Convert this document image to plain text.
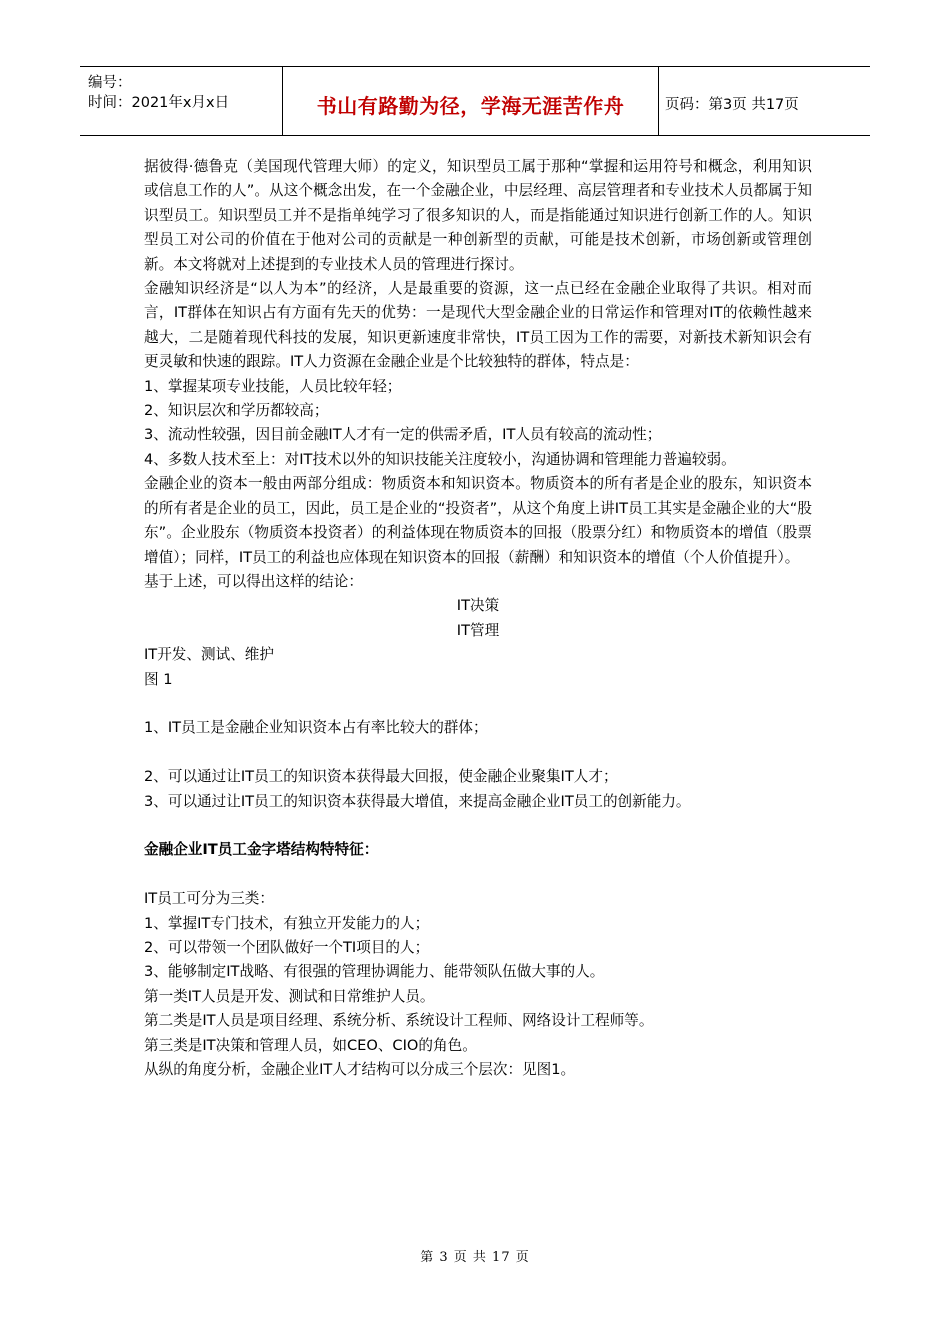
编号：
时间：2021年x月x日	书山有路勤为径，学海无涯苦作舟	页码：第3页 共17页

据彼得·德鲁克（美国现代管理大师）的定义，知识型员工属于那种“掌握和运用符号和概念，利用知识或信息工作的人”。从这个概念出发，在一个金融企业，中层经理、高层管理者和专业技术人员都属于知识型员工。知识型员工并不是指单纯学习了很多知识的人，而是指能通过知识进行创新工作的人。知识型员工对公司的价值在于他对公司的贡献是一种创新型的贡献，可能是技术创新，市场创新或管理创新。本文将就对上述提到的专业技术人员的管理进行探讨。

金融知识经济是“以人为本”的经济，人是最重要的资源，这一点已经在金融企业取得了共识。相对而言，IT群体在知识占有方面有先天的优势：一是现代大型金融企业的日常运作和管理对IT的依赖性越来越大，二是随着现代科技的发展，知识更新速度非常快，IT员工因为工作的需要，对新技术新知识会有更灵敏和快速的跟踪。IT人力资源在金融企业是个比较独特的群体，特点是：

1、掌握某项专业技能，人员比较年轻；

2、知识层次和学历都较高；

3、流动性较强，因目前金融IT人才有一定的供需矛盾，IT人员有较高的流动性；

4、多数人技术至上：对IT技术以外的知识技能关注度较小，沟通协调和管理能力普遍较弱。

金融企业的资本一般由两部分组成：物质资本和知识资本。物质资本的所有者是企业的股东，知识资本的所有者是企业的员工，因此，员工是企业的“投资者”，从这个角度上讲IT员工其实是金融企业的大“股东”。企业股东（物质资本投资者）的利益体现在物质资本的回报（股票分红）和物质资本的增值（股票增值）；同样，IT员工的利益也应体现在知识资本的回报（薪酬）和知识资本的增值（个人价值提升）。

基于上述，可以得出这样的结论：

IT决策

IT管理

IT开发、测试、维护

图 1

1、IT员工是金融企业知识资本占有率比较大的群体；

2、可以通过让IT员工的知识资本获得最大回报，使金融企业聚集IT人才；

3、可以通过让IT员工的知识资本获得最大增值，来提高金融企业IT员工的创新能力。

金融企业IT员工金字塔结构特特征：

IT员工可分为三类：

1、掌握IT专门技术，有独立开发能力的人；

2、可以带领一个团队做好一个TI项目的人；

3、能够制定IT战略、有很强的管理协调能力、能带领队伍做大事的人。

第一类IT人员是开发、测试和日常维护人员。

第二类是IT人员是项目经理、系统分析、系统设计工程师、网络设计工程师等。

第三类是IT决策和管理人员，如CEO、CIO的角色。

从纵的角度分析，金融企业IT人才结构可以分成三个层次：见图1。

第 3 页 共 17 页
